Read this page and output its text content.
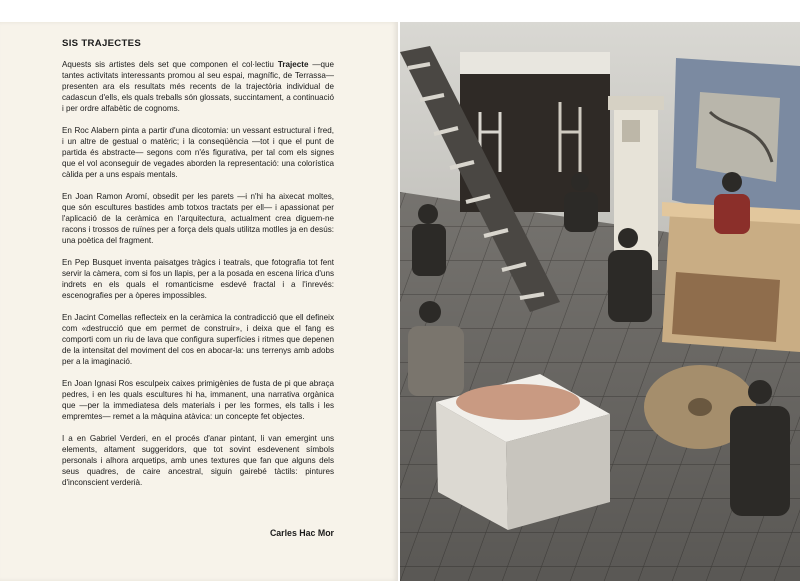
SIS TRAJECTES

Aquests sis artistes dels set que componen el col·lectiu Trajecte —que tantes activitats interessants promou al seu espai, magnífic, de Terrassa— presenten ara els resultats més recents de la trajectòria individual de cadascun d'ells, els quals treballs són glossats, succintament, a continuació i per ordre alfabètic de cognoms.

En Roc Alabern pinta a partir d'una dicotomia: un vessant estructural i fred, i un altre de gestual o matèric; i la conseqüència —tot i que el punt de partida és abstracte— segons com n'és figurativa, per tal com els signes que el vol aconseguir de vegades aborden la representació: una colorística càlida per a uns espais mentals.

En Joan Ramon Aromí, obsedit per les parets —i n'hi ha aixecat moltes, que són escultures bastides amb totxos tractats per ell— i apassionat per l'aplicació de la ceràmica en l'arquitectura, actualment crea diguem-ne racons i trossos de ruïnes per a força dels quals utilitza motlles ja en desús: una poètica del fragment.

En Pep Busquet inventa paisatges tràgics i teatrals, que fotografia tot fent servir la càmera, com si fos un llapis, per a la posada en escena lírica d'uns indrets en els quals el romanticisme esdevé fractal i a l'inrevés: escenografies per a òperes impossibles.

En Jacint Comellas reflecteix en la ceràmica la contradicció que ell defineix com «destrucció que em permet de construir», i deixa que el fang es comporti com un riu de lava que configura superfícies i ritmes que depenen de la intensitat del moviment del cos en abocar-la: uns terrenys amb adobs per a la imaginació.

En Joan Ignasi Ros esculpeix caixes primigènies de fusta de pi que abraça pedres, i en les quals escultures hi ha, immanent, una narrativa orgànica que —per la immediatesa dels materials i per les formes, els talls i les empremtes— remet a la màquina atàvica: un concepte fet objectes.

I a en Gabriel Verderi, en el procés d'anar pintant, li van emergint uns elements, altament suggeridors, que tot sovint esdevenent símbols personals i alhora arquetips, amb unes textures que fan que alguns dels seus quadres, de caire ancestral, siguin gairebé tàctils: pintures d'inconscient verderià.

Carles Hac Mor
